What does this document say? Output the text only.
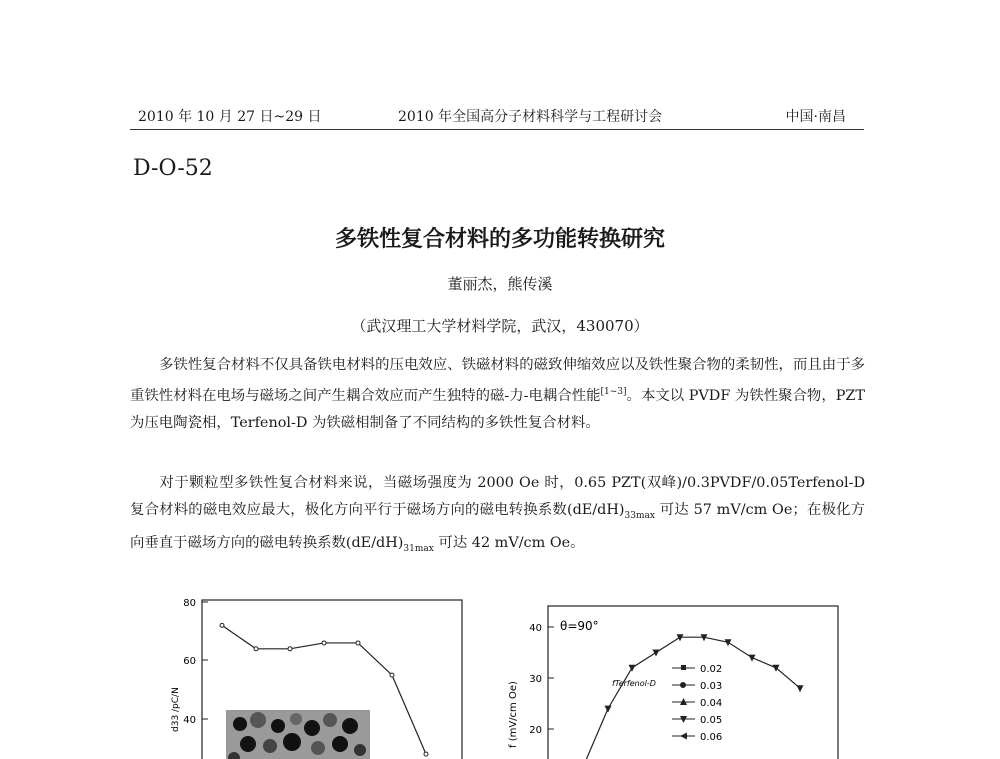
2010 年 10 月 27 日~29 日	2010 年全国高分子材料科学与工程研讨会	中国·南昌
D-O-52
多铁性复合材料的多功能转换研究
董丽杰，熊传溪
（武汉理工大学材料学院，武汉，430070）
多铁性复合材料不仅具备铁电材料的压电效应、铁磁材料的磁致伸缩效应以及铁性聚合物的柔韧性，而且由于多重铁性材料在电场与磁场之间产生耦合效应而产生独特的磁-力-电耦合性能[1~3]。本文以 PVDF 为铁性聚合物，PZT 为压电陶瓷相，Terfenol-D 为铁磁相制备了不同结构的多铁性复合材料。
对于颗粒型多铁性复合材料来说，当磁场强度为 2000 Oe 时，0.65 PZT(双峰)/0.3PVDF/0.05Terfenol-D 复合材料的磁电效应最大，极化方向平行于磁场方向的磁电转换系数$(dE/dH)_{33max}$ 可达 57 mV/cm Oe；在极化方向垂直于磁场方向的磁电转换系数$(dE/dH)_{31max}$ 可达 42 mV/cm Oe。
80
60
40
d33 /pC/N
40
30
20
f (mV/cm Oe)
θ=90°
fTerfenol-D
0.02
0.03
0.04
0.05
0.06
